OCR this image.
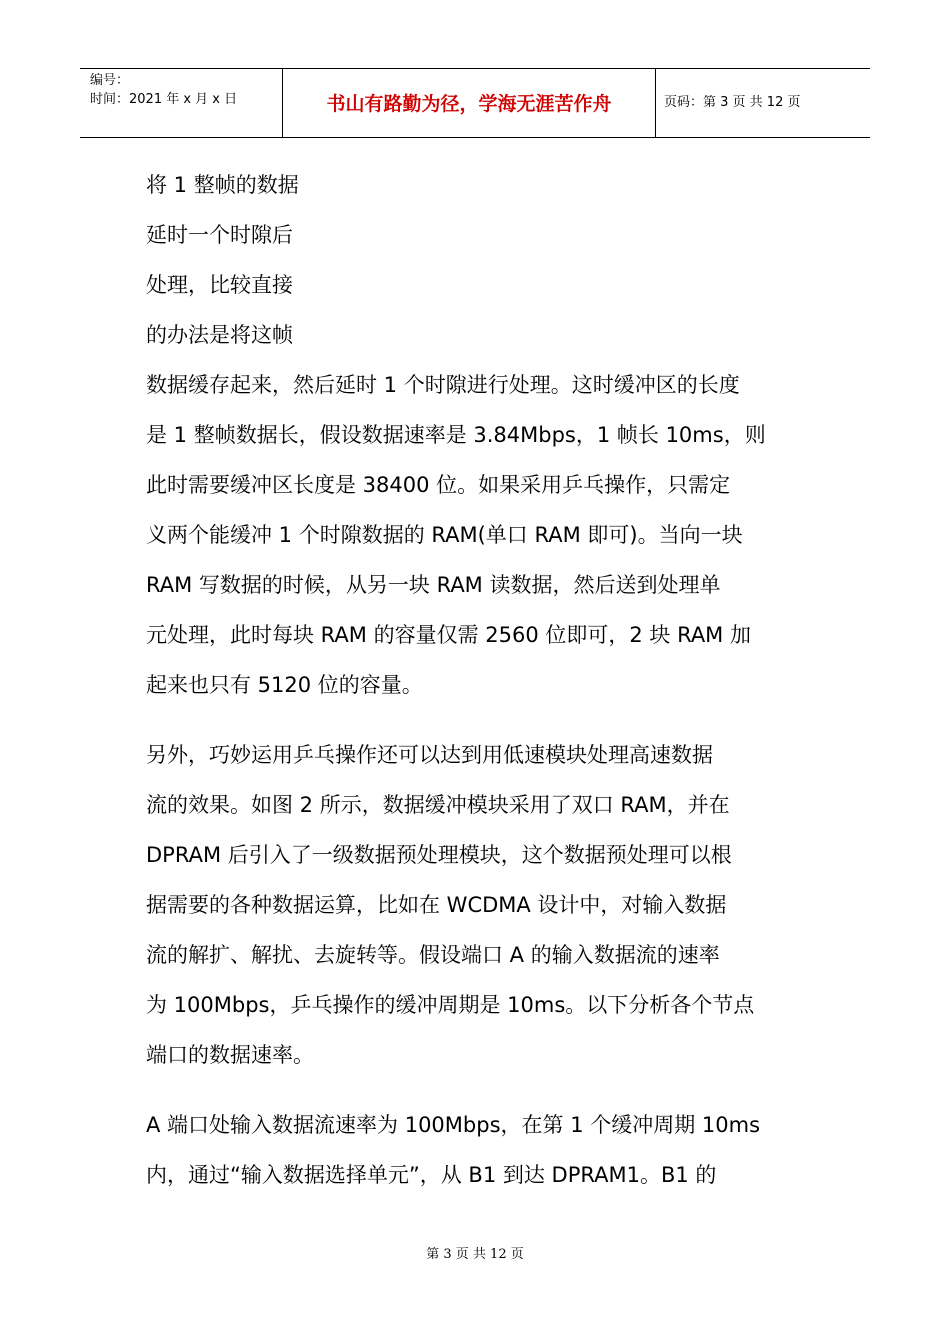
编号：
时间：2021 年 x 月 x 日	书山有路勤为径，学海无涯苦作舟	页码：第 3 页 共 12 页

将 1 整帧的数据

延时一个时隙后

处理，比较直接

的办法是将这帧

数据缓存起来，然后延时 1 个时隙进行处理。这时缓冲区的长度

是 1 整帧数据长，假设数据速率是 3.84Mbps，1 帧长 10ms，则

此时需要缓冲区长度是 38400 位。如果采用乒乓操作，只需定

义两个能缓冲 1 个时隙数据的 RAM(单口 RAM 即可)。当向一块

RAM 写数据的时候，从另一块 RAM 读数据，然后送到处理单

元处理，此时每块 RAM 的容量仅需 2560 位即可，2 块 RAM 加

起来也只有 5120 位的容量。

另外，巧妙运用乒乓操作还可以达到用低速模块处理高速数据

流的效果。如图 2 所示，数据缓冲模块采用了双口 RAM，并在

DPRAM 后引入了一级数据预处理模块，这个数据预处理可以根

据需要的各种数据运算，比如在 WCDMA 设计中，对输入数据

流的解扩、解扰、去旋转等。假设端口 A 的输入数据流的速率

为 100Mbps，乒乓操作的缓冲周期是 10ms。以下分析各个节点

端口的数据速率。

A 端口处输入数据流速率为 100Mbps，在第 1 个缓冲周期 10ms

内，通过“输入数据选择单元”，从 B1 到达 DPRAM1。B1 的

第 3 页 共 12 页
